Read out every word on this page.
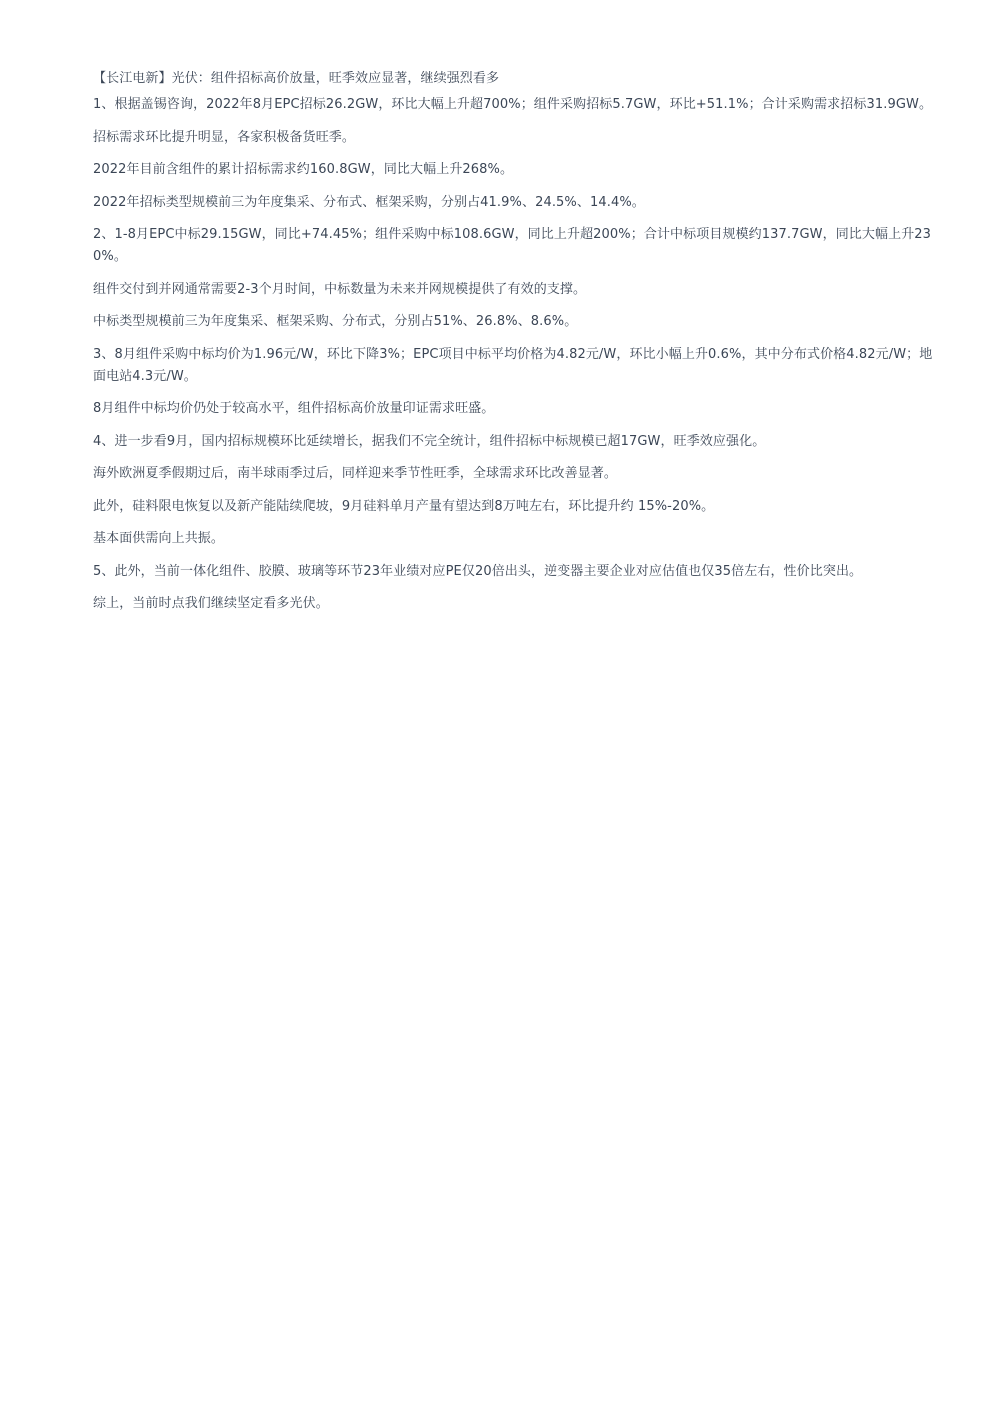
【长江电新】光伏：组件招标高价放量，旺季效应显著，继续强烈看多

1、根据盖锡咨询，2022年8月EPC招标26.2GW，环比大幅上升超700%；组件采购招标5.7GW，环比+51.1%；合计采购需求招标31.9GW。

招标需求环比提升明显，各家积极备货旺季。

2022年目前含组件的累计招标需求约160.8GW，同比大幅上升268%。

2022年招标类型规模前三为年度集采、分布式、框架采购，分别占41.9%、24.5%、14.4%。

2、1-8月EPC中标29.15GW，同比+74.45%；组件采购中标108.6GW，同比上升超200%；合计中标项目规模约137.7GW，同比大幅上升230%。

组件交付到并网通常需要2-3个月时间，中标数量为未来并网规模提供了有效的支撑。

中标类型规模前三为年度集采、框架采购、分布式，分别占51%、26.8%、8.6%。

3、8月组件采购中标均价为1.96元/W，环比下降3%；EPC项目中标平均价格为4.82元/W，环比小幅上升0.6%，其中分布式价格4.82元/W；地面电站4.3元/W。

8月组件中标均价仍处于较高水平，组件招标高价放量印证需求旺盛。

4、进一步看9月，国内招标规模环比延续增长，据我们不完全统计，组件招标中标规模已超17GW，旺季效应强化。

海外欧洲夏季假期过后，南半球雨季过后，同样迎来季节性旺季，全球需求环比改善显著。

此外，硅料限电恢复以及新产能陆续爬坡，9月硅料单月产量有望达到8万吨左右，环比提升约 15%-20%。

基本面供需向上共振。

5、此外，当前一体化组件、胶膜、玻璃等环节23年业绩对应PE仅20倍出头，逆变器主要企业对应估值也仅35倍左右，性价比突出。

综上，当前时点我们继续坚定看多光伏。
